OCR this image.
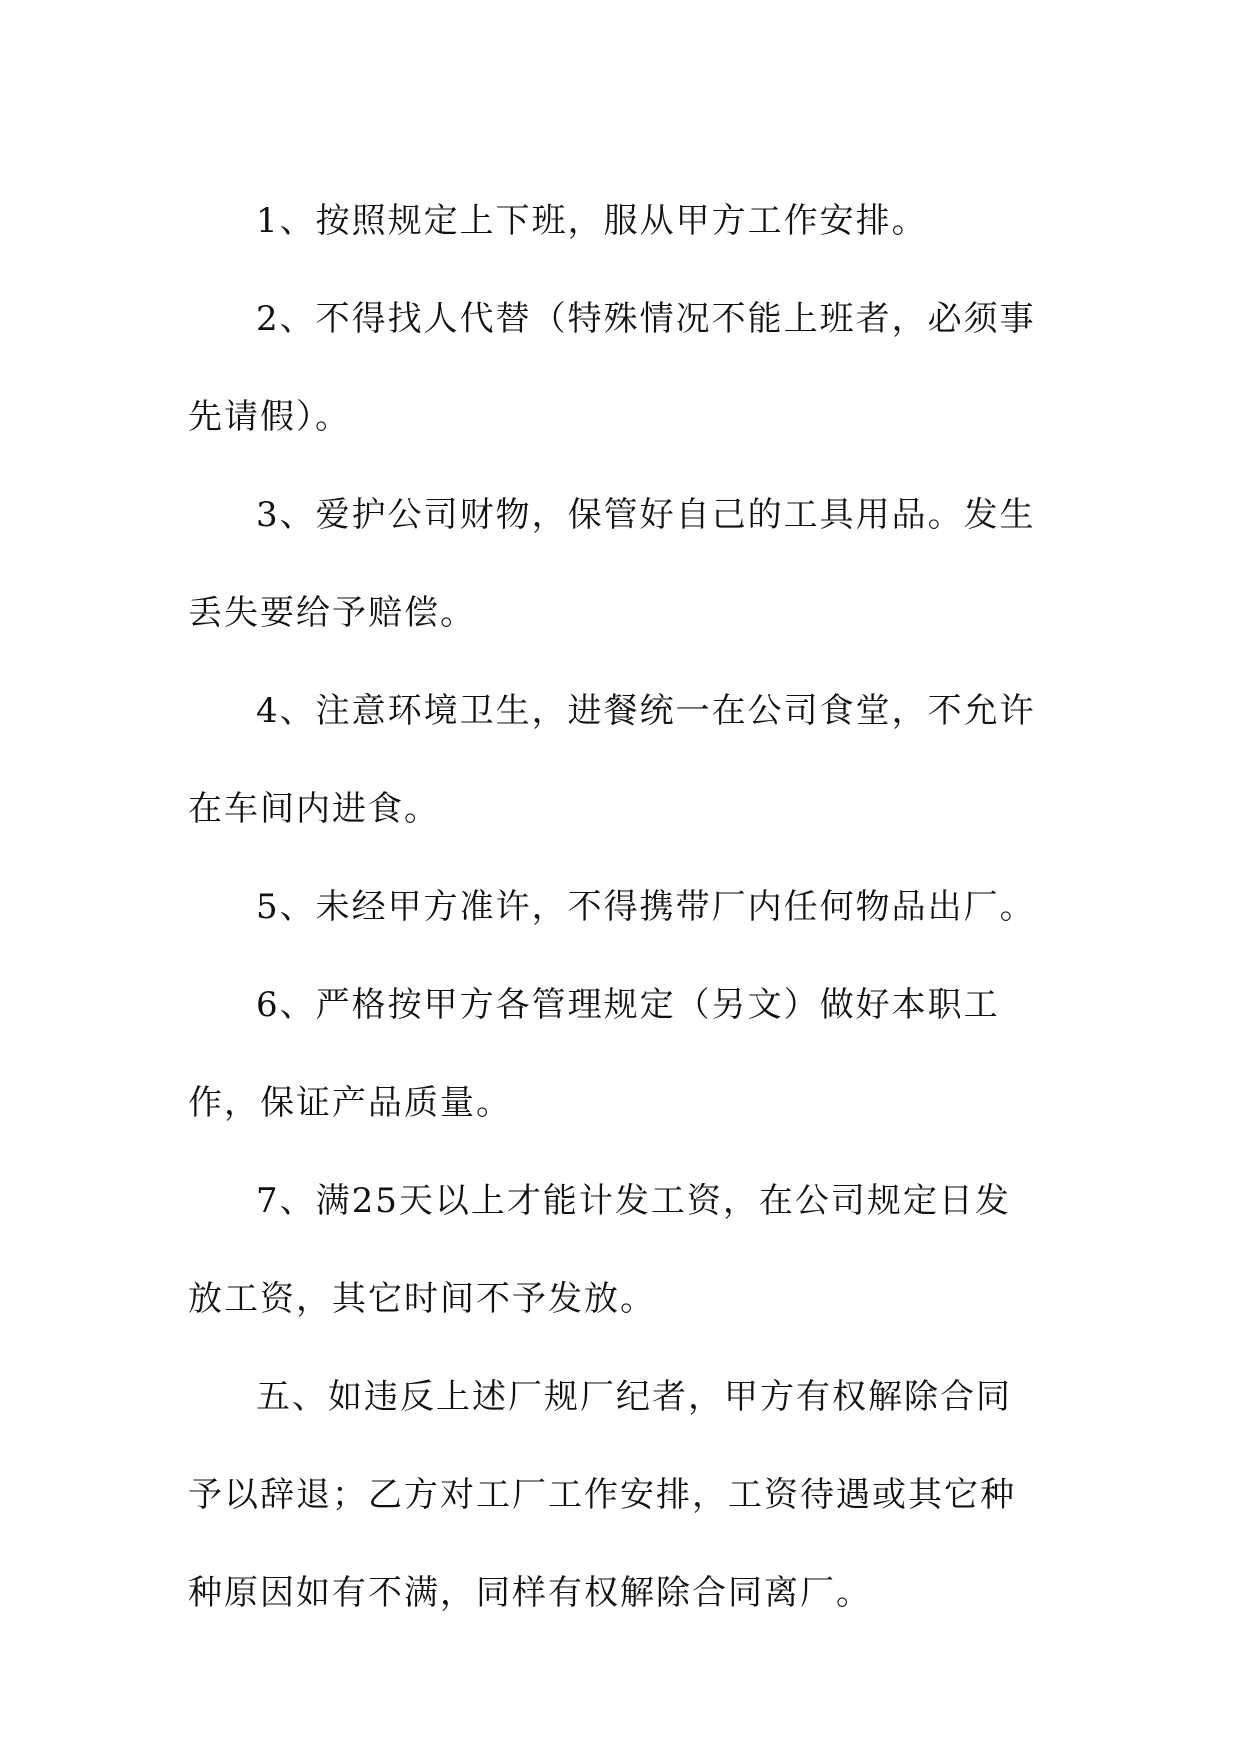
1、按照规定上下班，服从甲方工作安排。

2、不得找人代替（特殊情况不能上班者，必须事先请假）。

3、爱护公司财物，保管好自己的工具用品。发生丢失要给予赔偿。

4、注意环境卫生，进餐统一在公司食堂，不允许在车间内进食。

5、未经甲方准许，不得携带厂内任何物品出厂。

6、严格按甲方各管理规定（另文）做好本职工作，保证产品质量。

7、满25天以上才能计发工资，在公司规定日发放工资，其它时间不予发放。

五、如违反上述厂规厂纪者，甲方有权解除合同予以辞退；乙方对工厂工作安排，工资待遇或其它种种原因如有不满，同样有权解除合同离厂。
